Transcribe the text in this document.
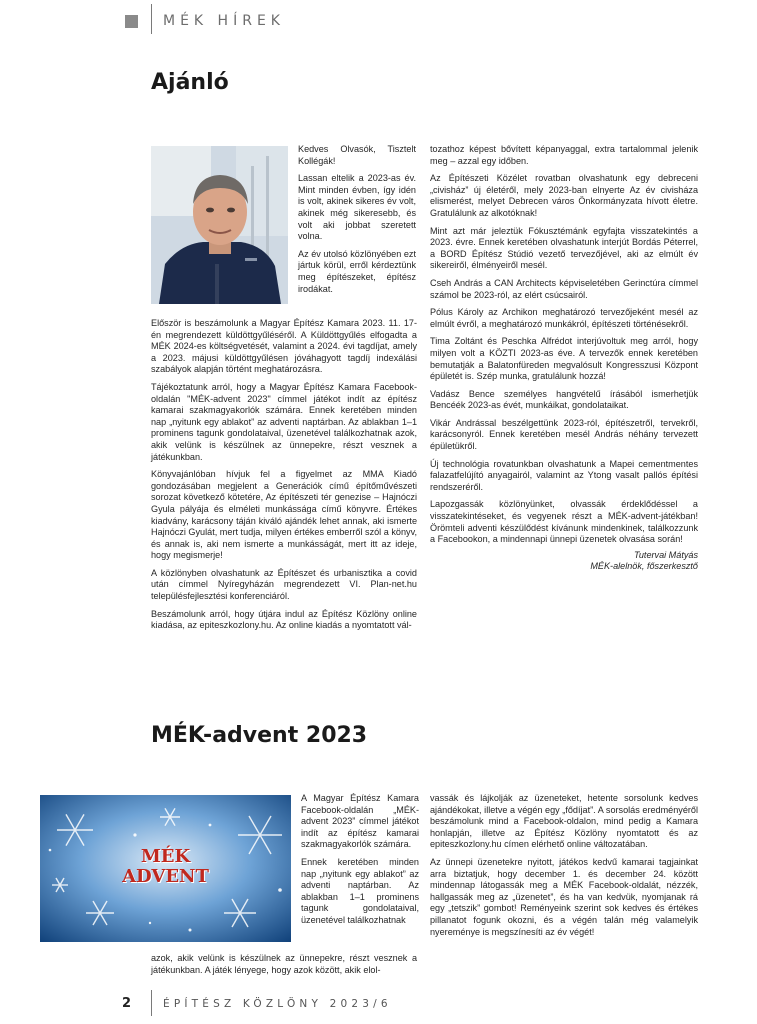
MÉK HÍREK
Ajánló

Kedves Olvasók, Tisztelt Kollégák!

Lassan eltelik a 2023-as év. Mint minden évben, így idén is volt, akinek sikeres év volt, akinek még sikeresebb, és volt aki jobbat szeretett volna.

Az év utolsó közlönyében ezt jártuk körül, erről kérdeztünk meg építészeket, építész irodákat.

Először is beszámolunk a Magyar Építész Kamara 2023. 11. 17-én megrendezett küldöttgyűléséről. A Küldöttgyűlés elfogadta a MÉK 2024-es költségvetését, valamint a 2024. évi tagdíjat, amely a 2023. májusi küldöttgyűlésen jóváhagyott tagdíj indexálási szabályok alapján történt meghatározásra.

Tájékoztatunk arról, hogy a Magyar Építész Kamara Facebook-oldalán "MÉK-advent 2023" címmel játékot indít az építész kamarai szakmagyakorlók számára. Ennek keretében minden nap „nyitunk egy ablakot” az adventi naptárban. Az ablakban 1–1 prominens tagunk gondolataival, üzenetével találkozhatnak azok, akik velünk is készülnek az ünnepekre, részt vesznek a játékunkban.

Könyvajánlóban hívjuk fel a figyelmet az MMA Kiadó gondozásában megjelent a Generációk című építőművészeti sorozat következő kötetére, Az építészeti tér genezise – Hajnóczi Gyula pályája és elméleti munkássága című könyvre. Értékes kiadvány, karácsony táján kiváló ajándék lehet annak, aki ismerte Hajnóczi Gyulát, mert tudja, milyen értékes emberről szól a könyv, és annak is, aki nem ismerte a munkásságát, mert itt az ideje, hogy megismerje!

A közlönyben olvashatunk az Építészet és urbanisztika a covid után címmel Nyíregyházán megrendezett VI. Plan-net.hu településfejlesztési konferenciáról.

Beszámolunk arról, hogy útjára indul az Építész Közlöny online kiadása, az epiteszkozlony.hu. Az online kiadás a nyomtatott vál-

tozathoz képest bővített képanyaggal, extra tartalommal jelenik meg – azzal egy időben.

Az Építészeti Közélet rovatban olvashatunk egy debreceni „civisház” új életéről, mely 2023-ban elnyerte Az év civisháza elismerést, melyet Debrecen város Önkormányzata hívott életre. Gratulálunk az alkotóknak!

Mint azt már jeleztük Fókusztémánk egyfajta visszatekintés a 2023. évre. Ennek keretében olvashatunk interjút Bordás Péterrel, a BORD Építész Stúdió vezető tervezőjével, aki az elmúlt év sikereiről, élményeiről mesél.

Cseh András a CAN Architects képviseletében Gerinctúra címmel számol be 2023-ról, az elért csúcsairól.

Pólus Károly az Archikon meghatározó tervezőjeként mesél az elmúlt évről, a meghatározó munkákról, építészeti történésekről.

Tima Zoltánt és Peschka Alfrédot interjúvoltuk meg arról, hogy milyen volt a KÖZTI 2023-as éve. A tervezők ennek keretében bemutatják a Balatonfüreden megvalósult Kongresszusi Központ épületét is. Szép munka, gratulálunk hozzá!

Vadász Bence személyes hangvételű írásából ismerhetjük Bencéék 2023-as évét, munkáikat, gondolataikat.

Vikár Andrással beszélgettünk 2023-ról, építészetről, tervekről, karácsonyról. Ennek keretében mesél András néhány tervezett épületükről.

Új technológia rovatunkban olvashatunk a Mapei cementmentes falazatfelújító anyagairól, valamint az Ytong vasalt pallós építési rendszeréről.

Lapozgassák közlönyünket, olvassák érdeklődéssel a visszatekintéseket, és vegyenek részt a MÉK-advent-játékban! Örömteli adventi készülődést kívánunk mindenkinek, találkozzunk a Facebookon, a mindennapi ünnepi üzenetek olvasása során!

Tutervai Mátyás
MÉK-alelnök, főszerkesztő
MÉK-advent 2023
MÉK
ADVENT

A Magyar Építész Kamara Facebook-oldalán „MÉK-advent 2023” címmel játékot indít az építész kamarai szakmagyakorlók számára.

Ennek keretében minden nap „nyitunk egy ablakot” az adventi naptárban. Az ablakban 1–1 prominens tagunk gondolataival, üzenetével találkozhatnak

azok, akik velünk is készülnek az ünnepekre, részt vesznek a játékunkban. A játék lényege, hogy azok között, akik elol-

vassák és lájkolják az üzeneteket, hetente sorsolunk kedves ajándékokat, illetve a végén egy „fődíjat”. A sorsolás eredményéről beszámolunk mind a Facebook-oldalon, mind pedig a Kamara honlapján, illetve az Építész Közlöny nyomtatott és az epiteszkozlony.hu címen elérhető online változatában.

Az ünnepi üzenetekre nyitott, játékos kedvű kamarai tagjainkat arra biztatjuk, hogy december 1. és december 24. között mindennap látogassák meg a MÉK Facebook-oldalát, nézzék, hallgassák meg az „üzenetet”, és ha van kedvük, nyomjanak rá egy „tetszik” gombot! Reményeink szerint sok kedves és értékes pillanatot fogunk okozni, és a végén talán még valamelyik nyereménye is megszínesíti az év végét!

2	ÉPÍTÉSZ KÖZLÖNY 2023/6
